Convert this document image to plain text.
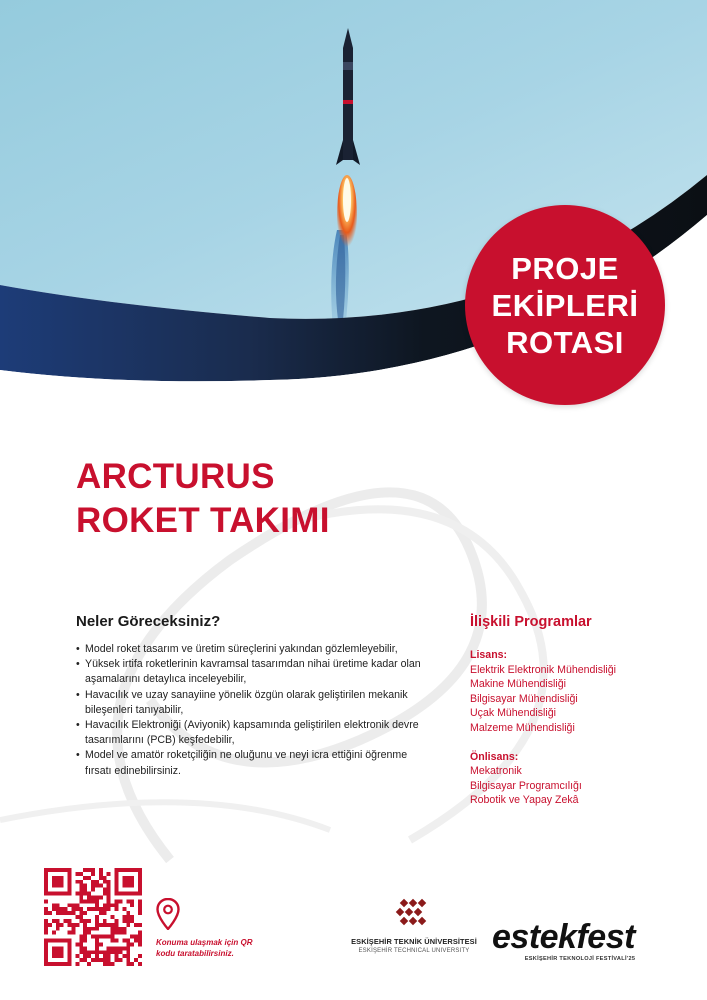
PROJE
EKİPLERİ
ROTASI
ARCTURUS
ROKET TAKIMI
Neler Göreceksiniz?
• Model roket tasarım ve üretim süreçlerini yakından gözlemleyebilir,
• Yüksek irtifa roketlerinin kavramsal tasarımdan nihai üretime kadar olan aşamalarını detaylıca inceleyebilir,
• Havacılık ve uzay sanayiine yönelik özgün olarak geliştirilen mekanik bileşenleri tanıyabilir,
• Havacılık Elektroniği (Aviyonik) kapsamında geliştirilen elektronik devre tasarımlarını (PCB) keşfedebilir,
• Model ve amatör roketçiliğin ne oluğunu ve neyi icra ettiğini öğrenme fırsatı edinebilirsiniz.
İlişkili Programlar
Lisans:
Elektrik Elektronik Mühendisliği
Makine Mühendisliği
Bilgisayar Mühendisliği
Uçak Mühendisliği
Malzeme Mühendisliği
Önlisans:
Mekatronik
Bilgisayar Programcılığı
Robotik ve Yapay Zekâ

Konuma ulaşmak için QR kodu taratabilirsiniz.

ESKİŞEHİR TEKNİK ÜNİVERSİTESİ

ESKİŞEHİR TECHNICAL UNIVERSITY estekfest

ESKİŞEHİR TEKNOLOJİ FESTİVALİ'25
